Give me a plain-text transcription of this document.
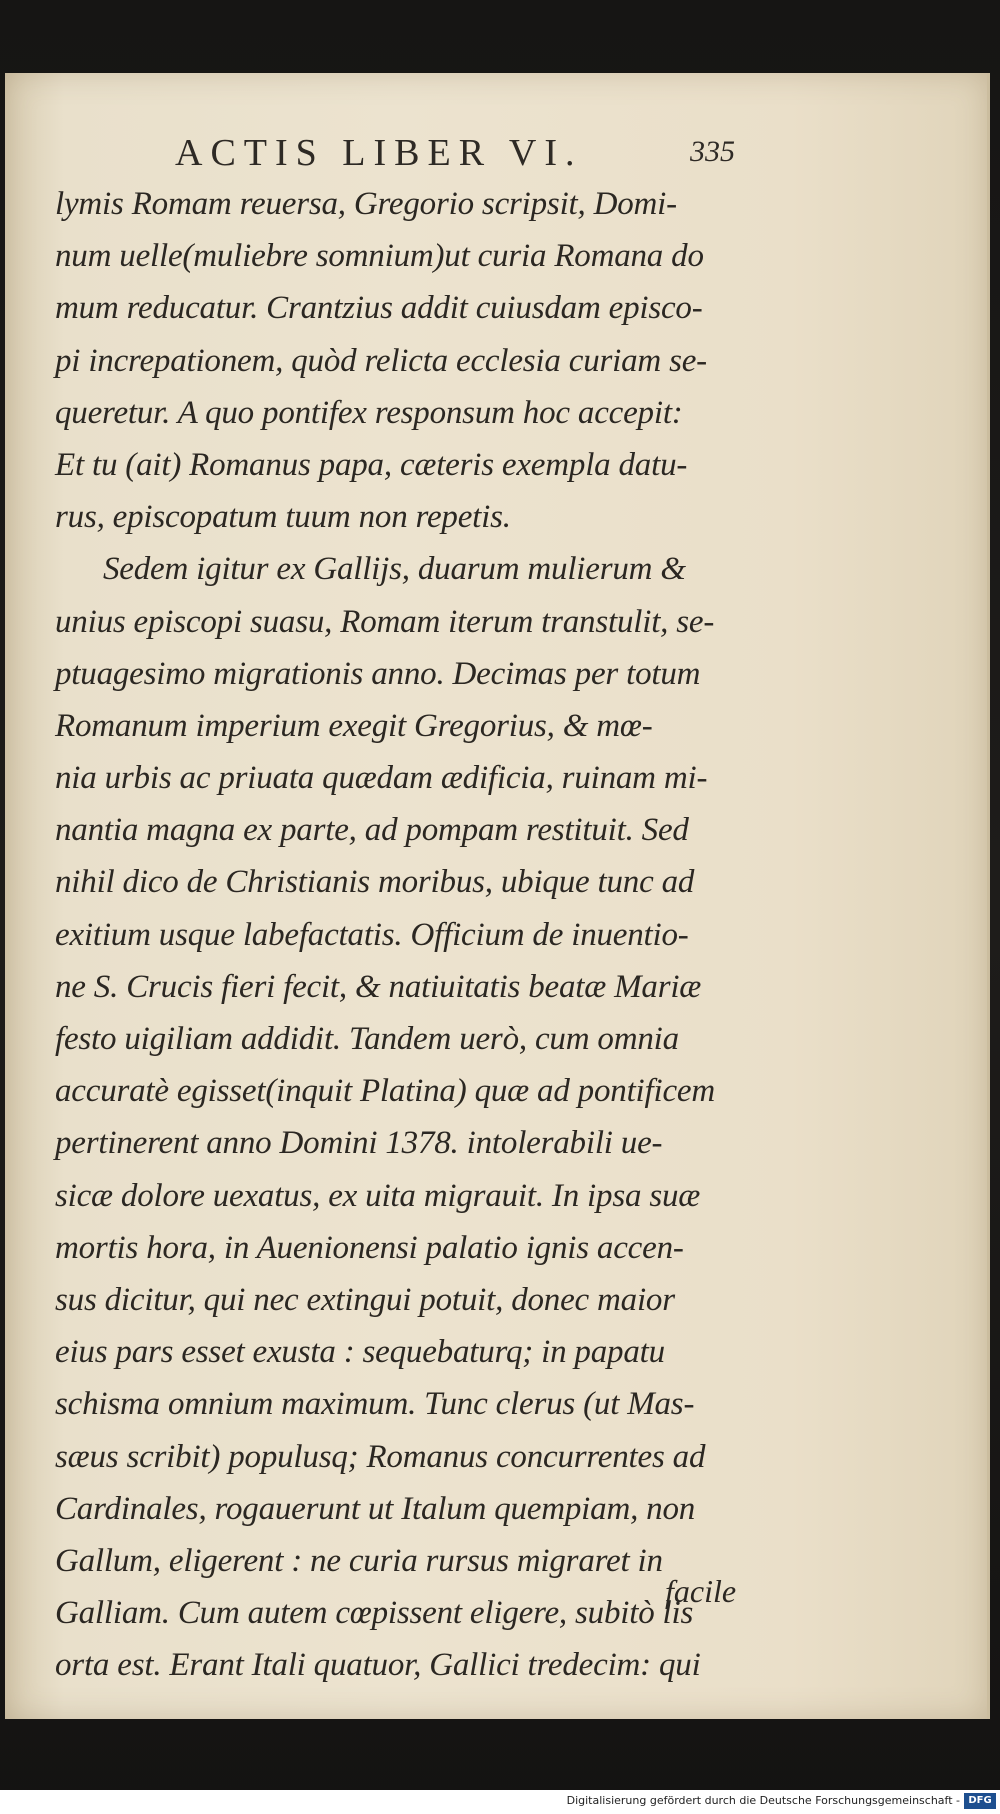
ACTIS LIBER VI.	335
lymis Romam reuersa, Gregorio scripsit, Domi-
num uelle(muliebre somnium)ut curia Romana do
mum reducatur. Crantzius addit cuiusdam episco-
pi increpationem, quòd relicta ecclesia curiam se-
queretur. A quo pontifex responsum hoc accepit:
Et tu (ait) Romanus papa, cæteris exempla datu-
rus, episcopatum tuum non repetis.
Sedem igitur ex Gallijs, duarum mulierum &
unius episcopi suasu, Romam iterum transtulit, se-
ptuagesimo migrationis anno. Decimas per totum
Romanum imperium exegit Gregorius, & mœ-
nia urbis ac priuata quædam ædificia, ruinam mi-
nantia magna ex parte, ad pompam restituit. Sed
nihil dico de Christianis moribus, ubique tunc ad
exitium usque labefactatis. Officium de inuentio-
ne S. Crucis fieri fecit, & natiuitatis beatæ Mariæ
festo uigiliam addidit. Tandem uerò, cum omnia
accuratè egisset(inquit Platina) quæ ad pontificem
pertinerent anno Domini 1378. intolerabili ue-
sicæ dolore uexatus, ex uita migrauit. In ipsa suæ
mortis hora, in Auenionensi palatio ignis accen-
sus dicitur, qui nec extingui potuit, donec maior
eius pars esset exusta : sequebaturq; in papatu
schisma omnium maximum. Tunc clerus (ut Mas-
sæus scribit) populusq; Romanus concurrentes ad
Cardinales, rogauerunt ut Italum quempiam, non
Gallum, eligerent : ne curia rursus migraret in
Galliam. Cum autem cœpissent eligere, subitò lis
orta est. Erant Itali quatuor, Gallici tredecim: qui
facile
Digitalisierung gefördert durch die Deutsche Forschungsgemeinschaft - DFG
